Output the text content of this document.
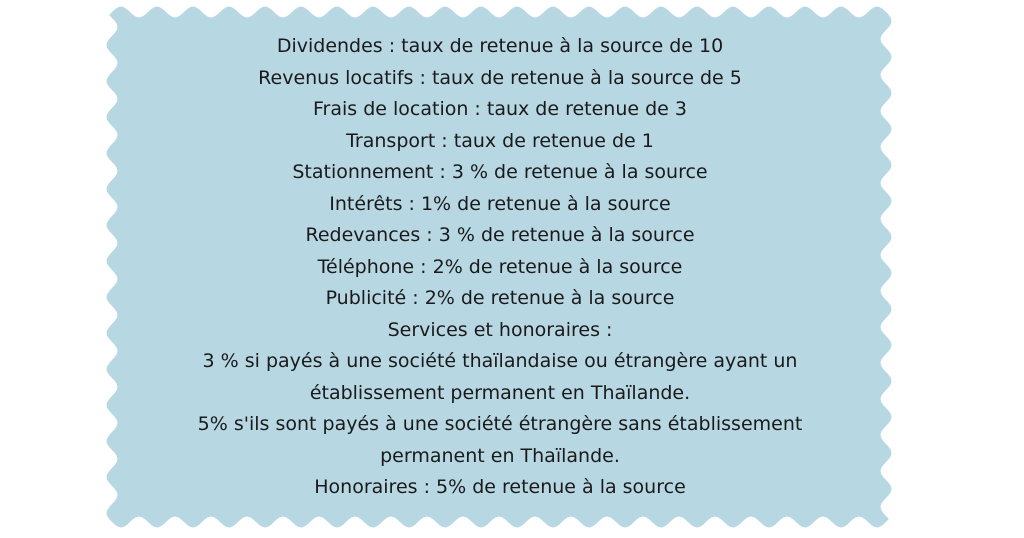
Dividendes : taux de retenue à la source de 10
Revenus locatifs : taux de retenue à la source de 5
Frais de location : taux de retenue de 3
Transport : taux de retenue de 1
Stationnement : 3 % de retenue à la source
Intérêts : 1% de retenue à la source
Redevances : 3 % de retenue à la source
Téléphone : 2% de retenue à la source
Publicité : 2% de retenue à la source
Services et honoraires :
3 % si payés à une société thaïlandaise ou étrangère ayant un
établissement permanent en Thaïlande.
5% s'ils sont payés à une société étrangère sans établissement
permanent en Thaïlande.
Honoraires : 5% de retenue à la source
